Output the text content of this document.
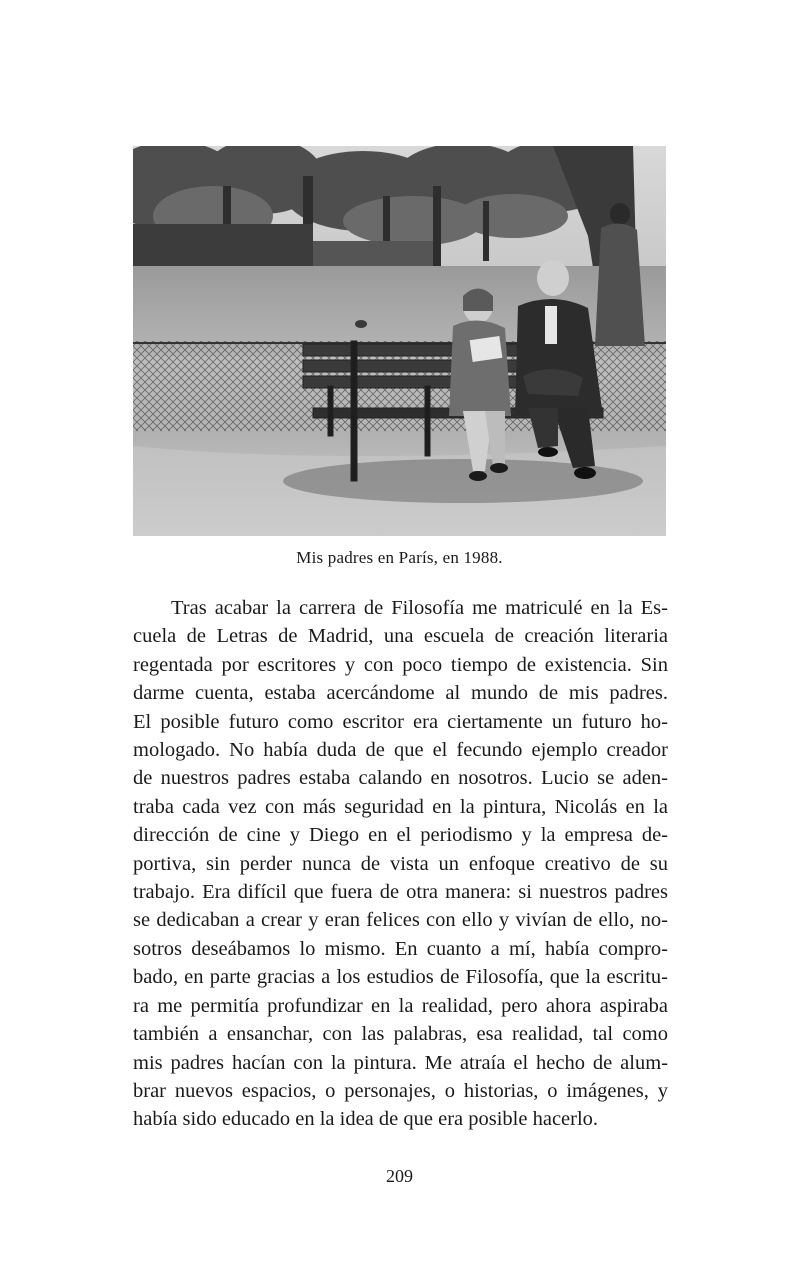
Mis padres en París, en 1988.
Tras acabar la carrera de Filosofía me matriculé en la Es-
cuela de Letras de Madrid, una escuela de creación literaria
regentada por escritores y con poco tiempo de existencia. Sin
darme cuenta, estaba acercándome al mundo de mis padres.
El posible futuro como escritor era ciertamente un futuro ho-
mologado. No había duda de que el fecundo ejemplo creador
de nuestros padres estaba calando en nosotros. Lucio se aden-
traba cada vez con más seguridad en la pintura, Nicolás en la
dirección de cine y Diego en el periodismo y la empresa de-
portiva, sin perder nunca de vista un enfoque creativo de su
trabajo. Era difícil que fuera de otra manera: si nuestros padres
se dedicaban a crear y eran felices con ello y vivían de ello, no-
sotros deseábamos lo mismo. En cuanto a mí, había compro-
bado, en parte gracias a los estudios de Filosofía, que la escritu-
ra me permitía profundizar en la realidad, pero ahora aspiraba
también a ensanchar, con las palabras, esa realidad, tal como
mis padres hacían con la pintura. Me atraía el hecho de alum-
brar nuevos espacios, o personajes, o historias, o imágenes, y
había sido educado en la idea de que era posible hacerlo.
209
